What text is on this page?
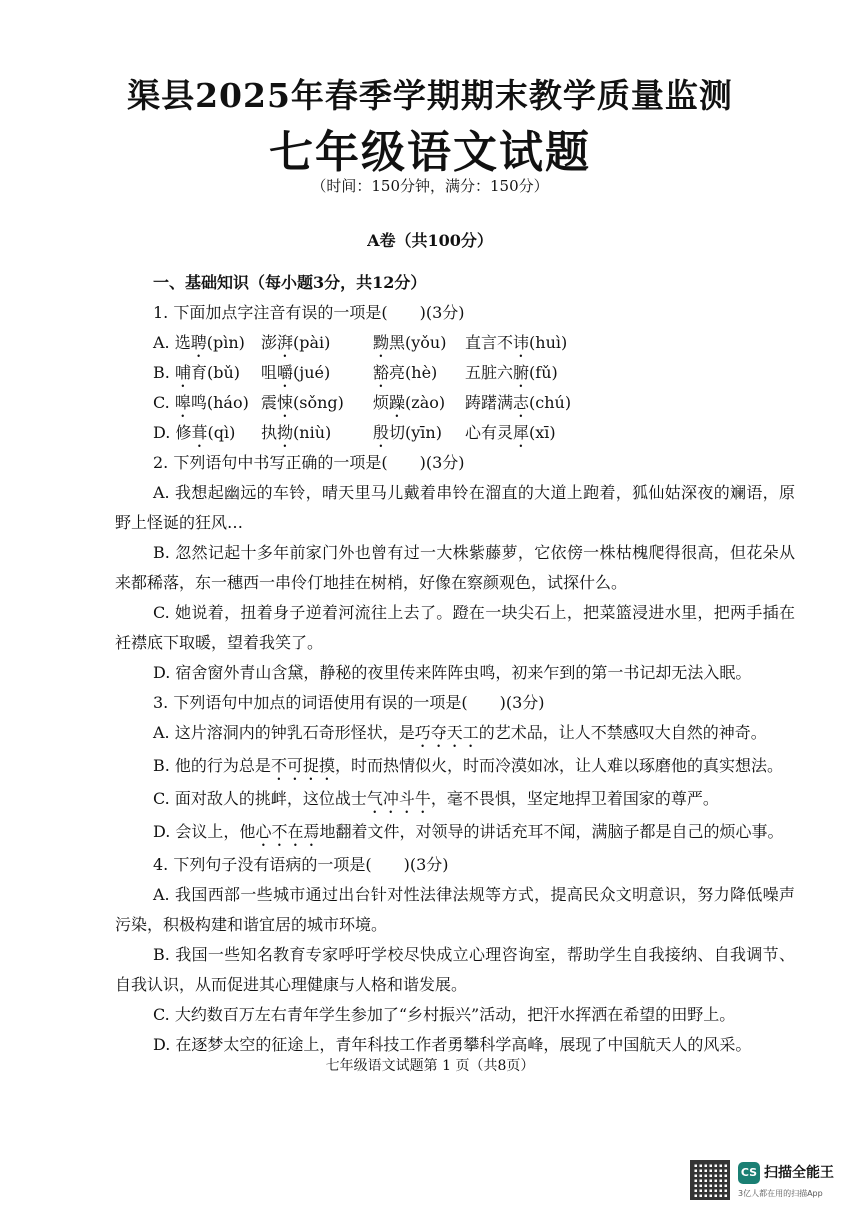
渠县2025年春季学期期末教学质量监测
七年级语文试题
（时间：150分钟，满分：150分）
A卷（共100分）
一、基础知识（每小题3分，共12分）
1. 下面加点字注音有误的一项是(　　)(3分)
A. 选聘(pìn)	澎湃(pài)	黝黑(yǒu)	直言不讳(huì)
B. 哺育(bǔ)	咀嚼(jué)	豁亮(hè)	五脏六腑(fǔ)
C. 嗥鸣(háo) 震悚(sǒng)	烦躁(zào)	踌躇满志(chú)
D. 修葺(qì)	执拗(niù)	殷切(yīn)	心有灵犀(xī)
2. 下列语句中书写正确的一项是(　　)(3分)

A. 我想起幽远的车铃，晴天里马儿戴着串铃在溜直的大道上跑着，狐仙姑深夜的斓语，原野上怪诞的狂风…

B. 忽然记起十多年前家门外也曾有过一大株紫藤萝，它依傍一株枯槐爬得很高，但花朵从来都稀落，东一穗西一串伶仃地挂在树梢，好像在察颜观色，试探什么。

C. 她说着，扭着身子逆着河流往上去了。蹬在一块尖石上，把菜篮浸进水里，把两手插在衽襟底下取暖，望着我笑了。

D. 宿舍窗外青山含黛，静秘的夜里传来阵阵虫鸣，初来乍到的第一书记却无法入眠。

3. 下列语句中加点的词语使用有误的一项是(　　)(3分)

A. 这片溶洞内的钟乳石奇形怪状，是巧夺天工的艺术品，让人不禁感叹大自然的神奇。

B. 他的行为总是不可捉摸，时而热情似火，时而冷漠如冰，让人难以琢磨他的真实想法。

C. 面对敌人的挑衅，这位战士气冲斗牛，毫不畏惧，坚定地捍卫着国家的尊严。

D. 会议上，他心不在焉地翻着文件，对领导的讲话充耳不闻，满脑子都是自己的烦心事。

4. 下列句子没有语病的一项是(　　)(3分)

A. 我国西部一些城市通过出台针对性法律法规等方式，提高民众文明意识，努力降低噪声污染，积极构建和谐宜居的城市环境。

B. 我国一些知名教育专家呼吁学校尽快成立心理咨询室，帮助学生自我接纳、自我调节、自我认识，从而促进其心理健康与人格和谐发展。

C. 大约数百万左右青年学生参加了“乡村振兴”活动，把汗水挥洒在希望的田野上。

D. 在逐梦太空的征途上，青年科技工作者勇攀科学高峰，展现了中国航天人的风采。

七年级语文试题第 1 页（共8页）
CS 扫描全能王
3亿人都在用的扫描App
